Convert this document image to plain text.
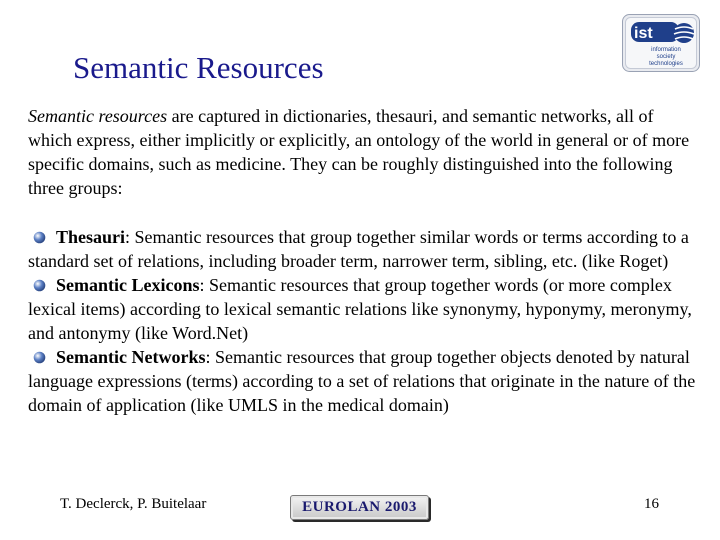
Semantic Resources
ist
information
society
technologies

Semantic resources are captured in dictionaries, thesauri, and semantic networks, all of which express, either implicitly or explicitly, an ontology of the world in general or of more specific domains, such as medicine. They can be roughly distinguished into the following three groups:

Thesauri: Semantic resources that group together similar words or terms according to a standard set of relations, including broader term, narrower term, sibling, etc. (like Roget)
Semantic Lexicons: Semantic resources that group together words (or more complex lexical items) according to lexical semantic relations like synonymy, hyponymy, meronymy, and antonymy (like Word.Net)
Semantic Networks: Semantic resources that group together objects denoted by natural language expressions (terms) according to a set of relations that originate in the nature of the domain of application (like UMLS in the medical domain)
T. Declerck, P. Buitelaar	EUROLAN 2003	16
